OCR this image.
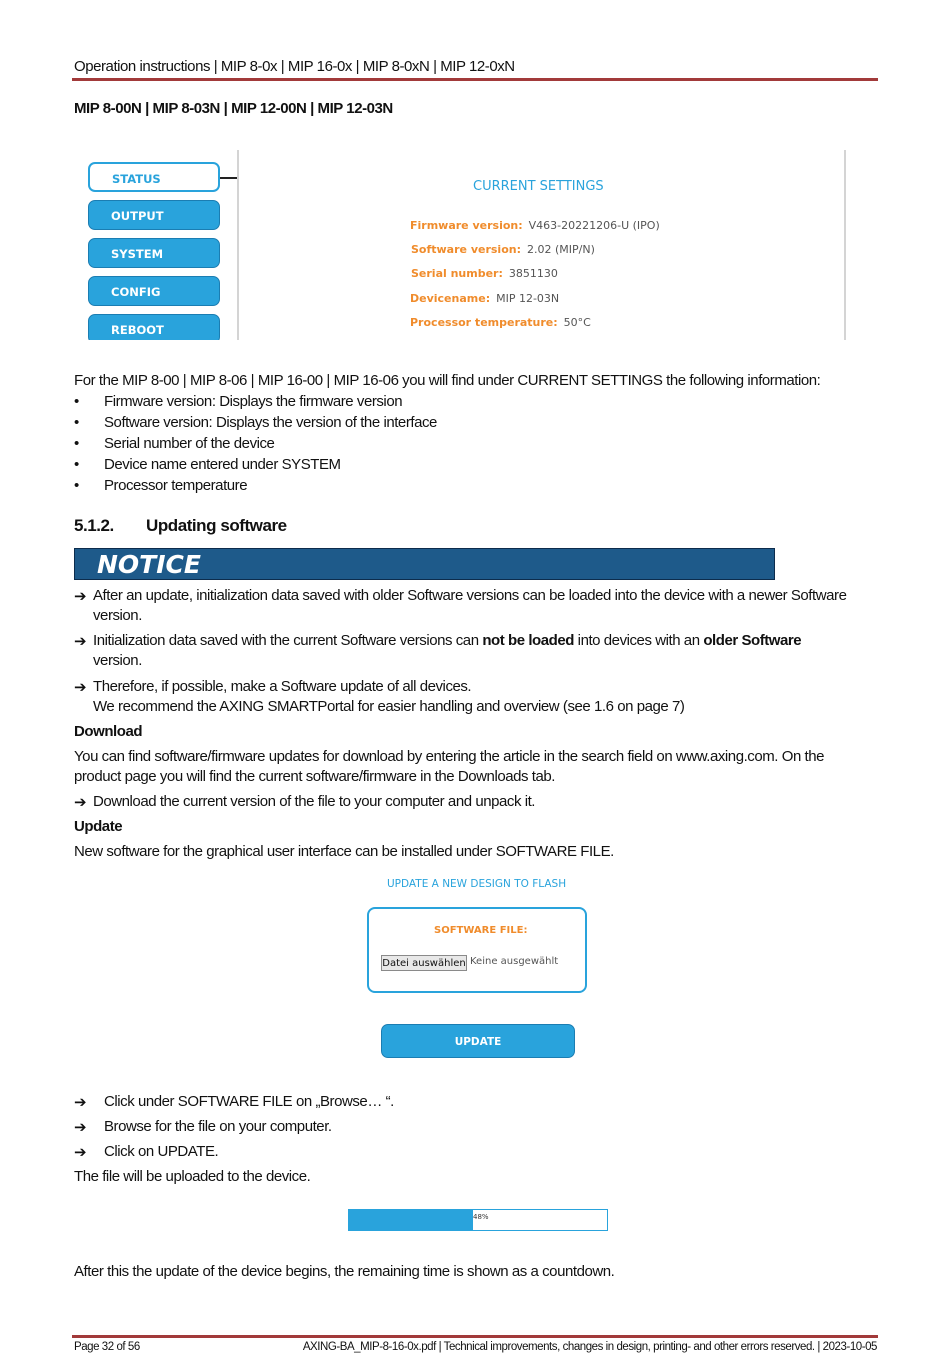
Operation instructions | MIP 8-0x | MIP 16-0x | MIP 8-0xN | MIP 12-0xN
MIP 8-00N | MIP 8-03N | MIP 12-00N | MIP 12-03N
STATUS
OUTPUT
SYSTEM
CONFIG
REBOOT
CURRENT SETTINGS
Firmware version: V463-20221206-U (IPO)
Software version: 2.02 (MIP/N)
Serial number: 3851130
Devicename: MIP 12-03N
Processor temperature: 50°C
For the MIP 8-00 | MIP 8-06 | MIP 16-00 | MIP 16-06 you will find under CURRENT SETTINGS the following information:
• Firmware version: Displays the firmware version
• Software version: Displays the version of the interface
• Serial number of the device
• Device name entered under SYSTEM
• Processor temperature
5.1.2. Updating software
NOTICE
➔ After an update, initialization data saved with older Software versions can be loaded into the device with a newer Software
version.
➔ Initialization data saved with the current Software versions can not be loaded into devices with an older Software
version.
➔ Therefore, if possible, make a Software update of all devices.
We recommend the AXING SMARTPortal for easier handling and overview (see 1.6 on page 7)
Download
You can find software/firmware updates for download by entering the article in the search field on www.axing.com. On the
product page you will find the current software/firmware in the Downloads tab.
➔ Download the current version of the file to your computer and unpack it.
Update
New software for the graphical user interface can be installed under SOFTWARE FILE.
UPDATE A NEW DESIGN TO FLASH
SOFTWARE FILE:
Datei auswählen Keine ausgewählt
UPDATE
➔ Click under SOFTWARE FILE on „Browse… “.
➔ Browse for the file on your computer.
➔ Click on UPDATE.
The file will be uploaded to the device.
48%
After this the update of the device begins, the remaining time is shown as a countdown.
Page 32 of 56	AXING-BA_MIP-8-16-0x.pdf | Technical improvements, changes in design, printing- and other errors reserved. | 2023-10-05
